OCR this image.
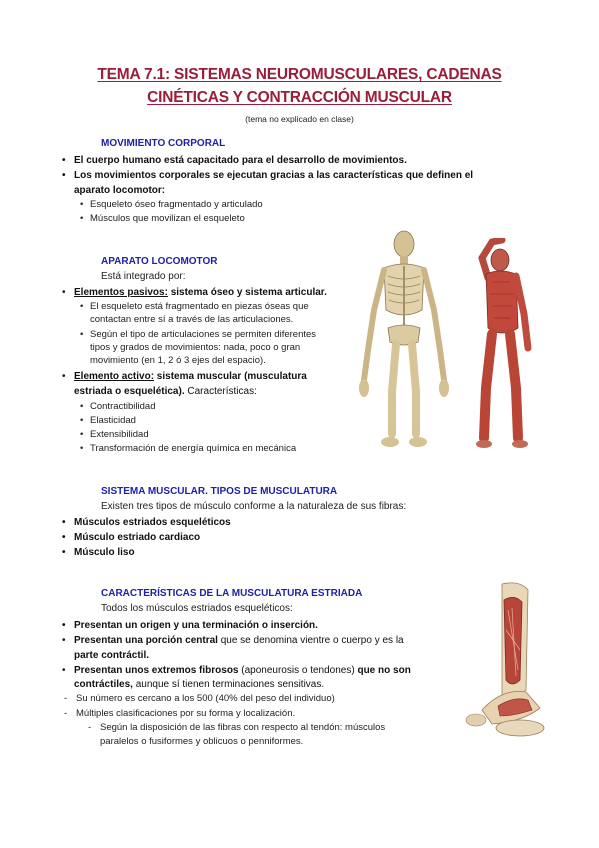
TEMA 7.1: SISTEMAS NEUROMUSCULARES, CADENAS
CINÉTICAS Y CONTRACCIÓN MUSCULAR
(tema no explicado en clase)
MOVIMIENTO CORPORAL
• El cuerpo humano está capacitado para el desarrollo de movimientos.
• Los movimientos corporales se ejecutan gracias a las características que definen el
aparato locomotor:
• Esqueleto óseo fragmentado y articulado
• Músculos que movilizan el esqueleto
APARATO LOCOMOTOR
Está integrado por:
• Elementos pasivos: sistema óseo y sistema articular.
• El esqueleto está fragmentado en piezas óseas que
contactan entre sí a través de las articulaciones.
• Según el tipo de articulaciones se permiten diferentes
tipos y grados de movimientos: nada, poco o gran
movimiento (en 1, 2 ó 3 ejes del espacio).
• Elemento activo: sistema muscular (musculatura
estriada o esquelética). Características:
• Contractibilidad
• Elasticidad
• Extensibilidad
• Transformación de energía química en mecánica
SISTEMA MUSCULAR. TIPOS DE MUSCULATURA
Existen tres tipos de músculo conforme a la naturaleza de sus fibras:
• Músculos estriados esqueléticos
• Músculo estriado cardiaco
• Músculo liso
CARACTERÍSTICAS DE LA MUSCULATURA ESTRIADA
Todos los músculos estriados esqueléticos:
• Presentan un origen y una terminación o inserción.
• Presentan una porción central que se denomina vientre o cuerpo y es la
parte contráctil.
• Presentan unos extremos fibrosos (aponeurosis o tendones) que no son
contráctiles, aunque sí tienen terminaciones sensitivas.
- Su número es cercano a los 500 (40% del peso del individuo)
- Múltiples clasificaciones por su forma y localización.
- Según la disposición de las fibras con respecto al tendón: músculos
paralelos o fusiformes y oblicuos o penniformes.
